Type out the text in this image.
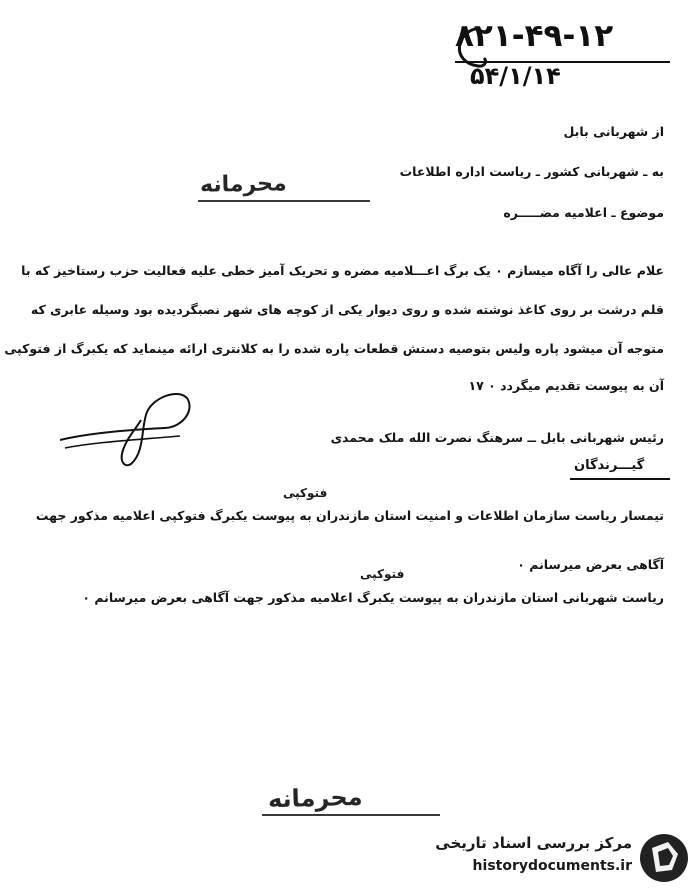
۸۲۱-۴۹-۱۲
۵۴/۱/۱۴
از شهربانی بابل
به ـ شهربانی کشور ـ ریاست اداره اطلاعات
محرمانه
موضوع ـ اعلامیه مضـــــره
علام عالی را آگاه میسازم ۰ یک برگ اعـــلامیه مضره و تحریک آمیز خطی علیه فعالیت حزب رستاخیز که با
قلم درشت بر روی کاغذ نوشته شده و روی دیوار یکی از کوچه های شهر نصبگردیده بود وسیله عابری که
متوجه آن میشود پاره ولیس بتوصیه دستش قطعات پاره شده را به کلانتری ارائه مینماید که یکبرگ از فتوکپی
آن به پیوست تقدیم میگردد ۰ ۱۷
رئیس شهربانی بابل ــ سرهنگ نصرت الله ملک محمدی
گیـــرندگان
فتوکپی
تیمسار ریاست سازمان اطلاعات و امنیت استان مازندران به پیوست یکبرگ فتوکپی اعلامیه مذکور جهت
آگاهی بعرض میرسانم ۰
فتوکپی
ریاست شهربانی استان مازندران به پیوست یکبرگ اعلامیه مذکور جهت آگاهی بعرض میرسانم ۰
محرمانه
مرکز بررسی اسناد تاریخی
historydocuments.ir
